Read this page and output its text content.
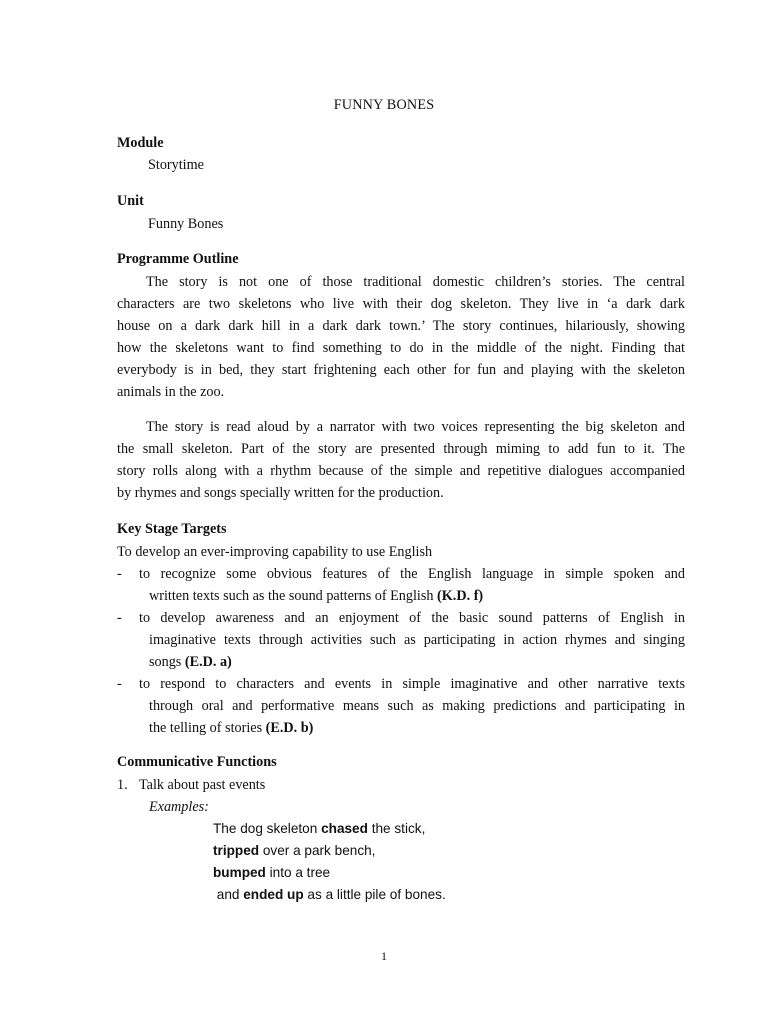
FUNNY BONES
Module
Storytime
Unit
Funny Bones
Programme Outline
The story is not one of those traditional domestic children’s stories. The central
characters are two skeletons who live with their dog skeleton. They live in ‘a dark dark
house on a dark dark hill in a dark dark town.’ The story continues, hilariously, showing
how the skeletons want to find something to do in the middle of the night. Finding that
everybody is in bed, they start frightening each other for fun and playing with the skeleton
animals in the zoo.
The story is read aloud by a narrator with two voices representing the big skeleton and
the small skeleton. Part of the story are presented through miming to add fun to it. The
story rolls along with a rhythm because of the simple and repetitive dialogues accompanied
by rhymes and songs specially written for the production.
Key Stage Targets
To develop an ever-improving capability to use English
- to recognize some obvious features of the English language in simple spoken and
written texts such as the sound patterns of English (K.D. f)
- to develop awareness and an enjoyment of the basic sound patterns of English in
imaginative texts through activities such as participating in action rhymes and singing
songs (E.D. a)
- to respond to characters and events in simple imaginative and other narrative texts
through oral and performative means such as making predictions and participating in
the telling of stories (E.D. b)
Communicative Functions
1. Talk about past events
Examples:
The dog skeleton chased the stick,
tripped over a park bench,
bumped into a tree
and ended up as a little pile of bones.
1
